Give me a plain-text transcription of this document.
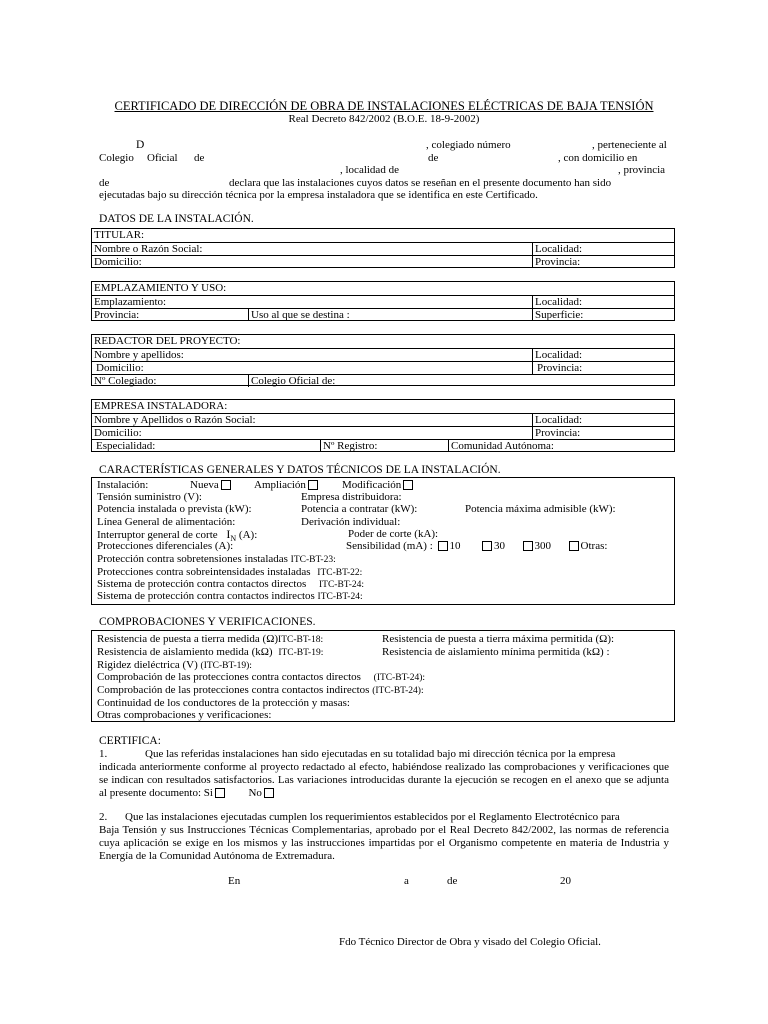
CERTIFICADO DE DIRECCIÓN DE OBRA DE INSTALACIONES ELÉCTRICAS DE BAJA TENSIÓN
Real Decreto 842/2002 (B.O.E. 18-9-2002)
D	, colegiado número	, perteneciente al
Colegio Oficial de	de	, con domicilio en
, localidad de	, provincia
de	declara que las instalaciones cuyos datos se reseñan en el presente documento han sido
ejecutadas bajo su dirección técnica por la empresa instaladora que se identifica en este Certificado.
DATOS DE LA INSTALACIÓN.
TITULAR:
Nombre o Razón Social:	Localidad:
Domicilio:	Provincia:
EMPLAZAMIENTO Y USO:
Emplazamiento:	Localidad:
Provincia:	Uso al que se destina :	Superficie:
REDACTOR DEL PROYECTO:
Nombre y apellidos:	Localidad:
Domicilio:	Provincia:
Nº Colegiado:	Colegio Oficial de:
EMPRESA INSTALADORA:
Nombre y Apellidos o Razón Social:	Localidad:
Domicilio:	Provincia:
Especialidad:	Nº Registro:	Comunidad Autónoma:
CARACTERÍSTICAS GENERALES Y DATOS TÉCNICOS DE LA INSTALACIÓN.
Instalación:	Nueva	Ampliación	Modificación
Tensión suministro (V):	Empresa distribuidora:
Potencia instalada o prevista (kW):	Potencia a contratar (kW):	Potencia máxima admisible (kW):
Línea General de alimentación:	Derivación individual:
Interruptor general de corte $I_N$ (A):	Poder de corte (kA):
Protecciones diferenciales (A):	Sensibilidad (mA) : 10	30	300	Otras:
Protección contra sobretensiones instaladas ITC-BT-23:
Protecciones contra sobreintensidades instaladas ITC-BT-22:
Sistema de protección contra contactos directos ITC-BT-24:
Sistema de protección contra contactos indirectos ITC-BT-24:
COMPROBACIONES Y VERIFICACIONES.
Resistencia de puesta a tierra medida (Ω)ITC-BT-18:	Resistencia de puesta a tierra máxima permitida (Ω):
Resistencia de aislamiento medida (kΩ) ITC-BT-19:	Resistencia de aislamiento mínima permitida (kΩ) :
Rigidez dieléctrica (V) (ITC-BT-19):
Comprobación de las protecciones contra contactos directos (ITC-BT-24):
Comprobación de las protecciones contra contactos indirectos (ITC-BT-24):
Continuidad de los conductores de la protección y masas:
Otras comprobaciones y verificaciones:
CERTIFICA:
1.	Que las referidas instalaciones han sido ejecutadas en su totalidad bajo mi dirección técnica por la empresa
indicada anteriormente conforme al proyecto redactado al efecto, habiéndose realizado las comprobaciones y verificaciones que se indican con resultados satisfactorios. Las variaciones introducidas durante la ejecución se recogen en el anexo que se adjunta al presente documento: Si	No
2. Que las instalaciones ejecutadas cumplen los requerimientos establecidos por el Reglamento Electrotécnico para
Baja Tensión y sus Instrucciones Técnicas Complementarias, aprobado por el Real Decreto 842/2002, las normas de referencia cuya aplicación se exige en los mismos y las instrucciones impartidas por el Organismo competente en materia de Industria y Energía de la Comunidad Autónoma de Extremadura.
En	a	de	20
Fdo Técnico Director de Obra y visado del Colegio Oficial.
